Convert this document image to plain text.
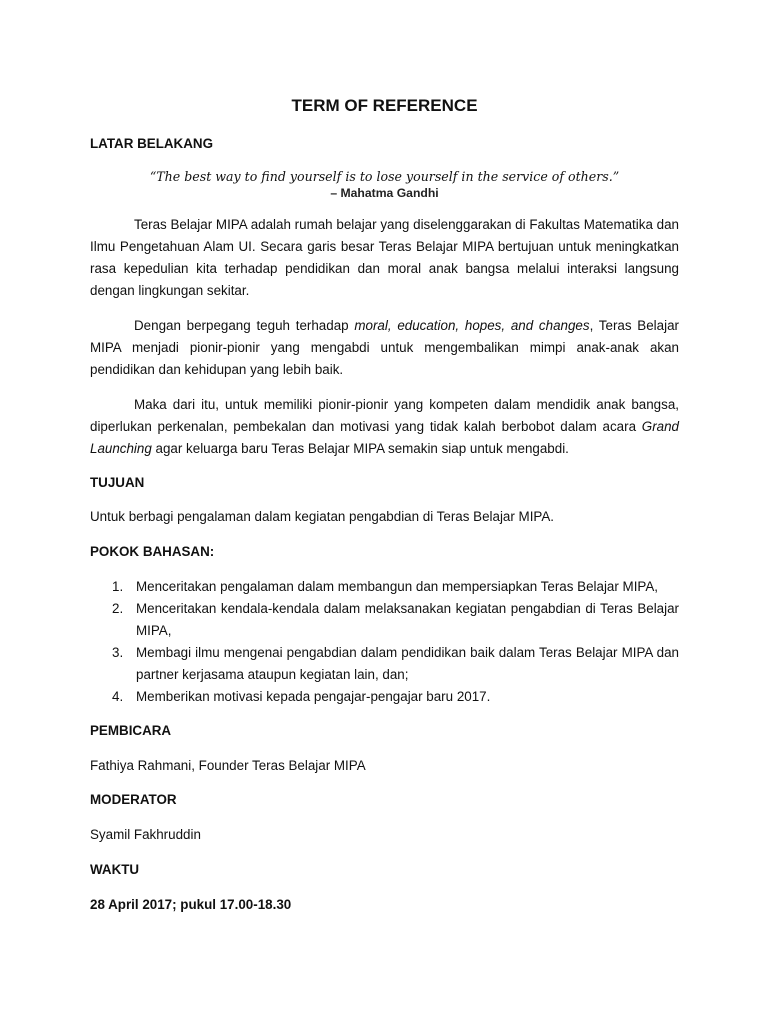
TERM OF REFERENCE
LATAR BELAKANG

“The best way to find yourself is to lose yourself in the service of others.”
– Mahatma Gandhi

Teras Belajar MIPA adalah rumah belajar yang diselenggarakan di Fakultas Matematika dan Ilmu Pengetahuan Alam UI. Secara garis besar Teras Belajar MIPA bertujuan untuk meningkatkan rasa kepedulian kita terhadap pendidikan dan moral anak bangsa melalui interaksi langsung dengan lingkungan sekitar.

Dengan berpegang teguh terhadap moral, education, hopes, and changes, Teras Belajar MIPA menjadi pionir-pionir yang mengabdi untuk mengembalikan mimpi anak-anak akan pendidikan dan kehidupan yang lebih baik.

Maka dari itu, untuk memiliki pionir-pionir yang kompeten dalam mendidik anak bangsa, diperlukan perkenalan, pembekalan dan motivasi yang tidak kalah berbobot dalam acara Grand Launching agar keluarga baru Teras Belajar MIPA semakin siap untuk mengabdi.

TUJUAN

Untuk berbagi pengalaman dalam kegiatan pengabdian di Teras Belajar MIPA.

POKOK BAHASAN:
1. Menceritakan pengalaman dalam membangun dan mempersiapkan Teras Belajar MIPA,
2. Menceritakan kendala-kendala dalam melaksanakan kegiatan pengabdian di Teras Belajar MIPA,
3. Membagi ilmu mengenai pengabdian dalam pendidikan baik dalam Teras Belajar MIPA dan partner kerjasama ataupun kegiatan lain, dan;
4. Memberikan motivasi kepada pengajar-pengajar baru 2017.
PEMBICARA

Fathiya Rahmani, Founder Teras Belajar MIPA

MODERATOR

Syamil Fakhruddin

WAKTU

28 April 2017; pukul 17.00-18.30
